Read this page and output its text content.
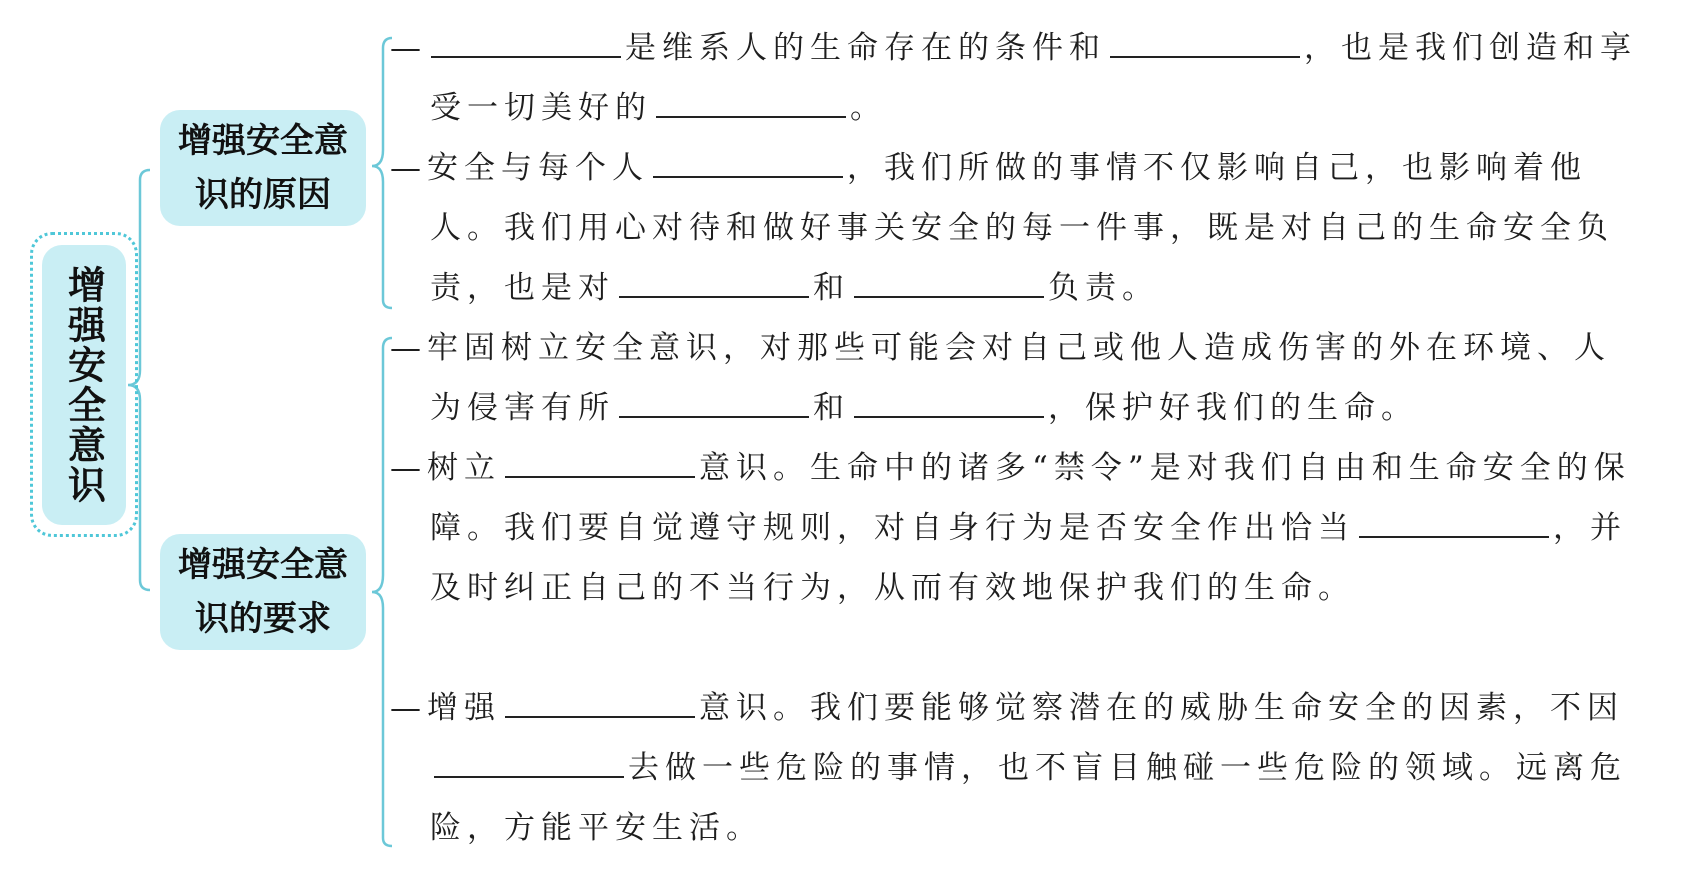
增强安全意识
增强安全意识的原因
增强安全意识的要求
—	是维系人的生命存在的条件和	，也是我们创造和享受一切美好的	。
—安全与每个人	，我们所做的事情不仅影响自己，也影响着他人。我们用心对待和做好事关安全的每一件事，既是对自己的生命安全负责，也是对	和	负责。
—牢固树立安全意识，对那些可能会对自己或他人造成伤害的外在环境、人为侵害有所	和	，保护好我们的生命。
—树立	意识。生命中的诸多“禁令”是对我们自由和生命安全的保障。我们要自觉遵守规则，对自身行为是否安全作出恰当	，并及时纠正自己的不当行为，从而有效地保护我们的生命。
—增强	意识。我们要能够觉察潜在的威胁生命安全的因素，不因去做一些危险的事情，也不盲目触碰一些危险的领域。远离危险，方能平安生活。
